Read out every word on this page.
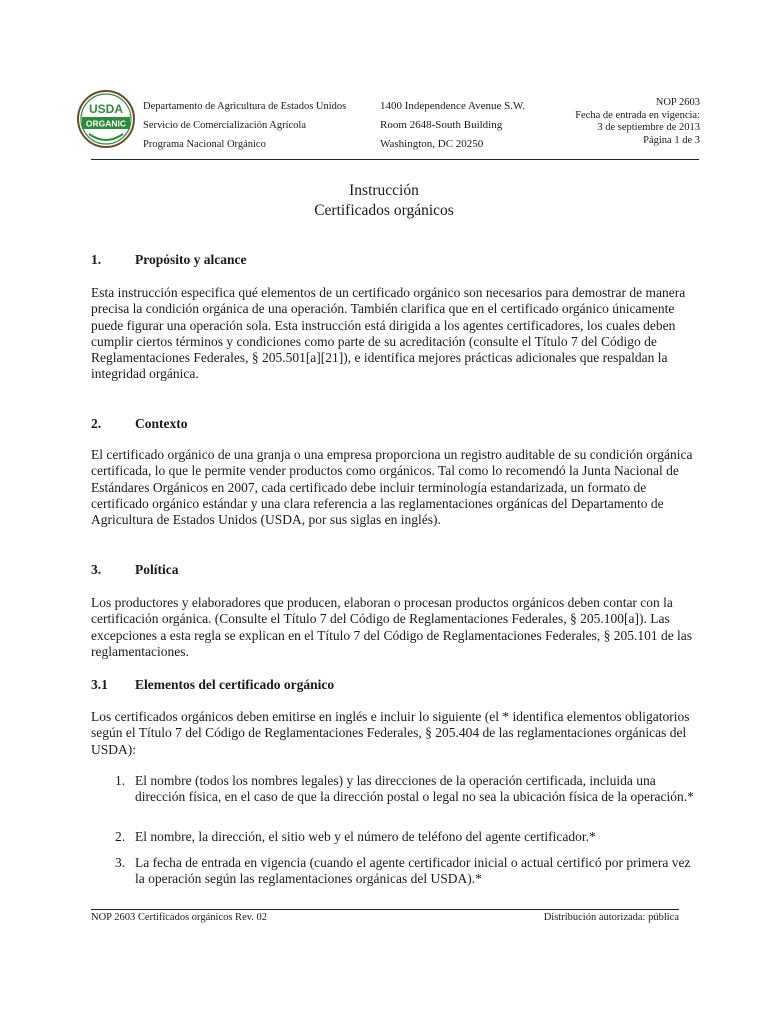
USDA
ORGANIC
Departamento de Agricultura de Estados Unidos
Servicio de Comercialización Agrícola
Programa Nacional Orgánico
1400 Independence Avenue S.W.
Room 2648-South Building
Washington, DC 20250
NOP 2603
Fecha de entrada en vigencia:
3 de septiembre de 2013
Página 1 de 3
Instrucción
Certificados orgánicos
1.	Propósito y alcance
Esta instrucción especifica qué elementos de un certificado orgánico son necesarios para demostrar de manera precisa la condición orgánica de una operación. También clarifica que en el certificado orgánico únicamente puede figurar una operación sola. Esta instrucción está dirigida a los agentes certificadores, los cuales deben cumplir ciertos términos y condiciones como parte de su acreditación (consulte el Título 7 del Código de Reglamentaciones Federales, § 205.501[a][21]), e identifica mejores prácticas adicionales que respaldan la integridad orgánica.
2.	Contexto
El certificado orgánico de una granja o una empresa proporciona un registro auditable de su condición orgánica certificada, lo que le permite vender productos como orgánicos. Tal como lo recomendó la Junta Nacional de Estándares Orgánicos en 2007, cada certificado debe incluir terminología estandarizada, un formato de certificado orgánico estándar y una clara referencia a las reglamentaciones orgánicas del Departamento de Agricultura de Estados Unidos (USDA, por sus siglas en inglés).
3.	Política
Los productores y elaboradores que producen, elaboran o procesan productos orgánicos deben contar con la certificación orgánica. (Consulte el Título 7 del Código de Reglamentaciones Federales, § 205.100[a]). Las excepciones a esta regla se explican en el Título 7 del Código de Reglamentaciones Federales, § 205.101 de las reglamentaciones.
3.1 Elementos del certificado orgánico
Los certificados orgánicos deben emitirse en inglés e incluir lo siguiente (el * identifica elementos obligatorios según el Título 7 del Código de Reglamentaciones Federales, § 205.404 de las reglamentaciones orgánicas del USDA):
1. El nombre (todos los nombres legales) y las direcciones de la operación certificada, incluida una dirección física, en el caso de que la dirección postal o legal no sea la ubicación física de la operación.*
2. El nombre, la dirección, el sitio web y el número de teléfono del agente certificador.*
3. La fecha de entrada en vigencia (cuando el agente certificador inicial o actual certificó por primera vez la operación según las reglamentaciones orgánicas del USDA).*
NOP 2603 Certificados orgánicos Rev. 02	Distribución autorizada: pública
